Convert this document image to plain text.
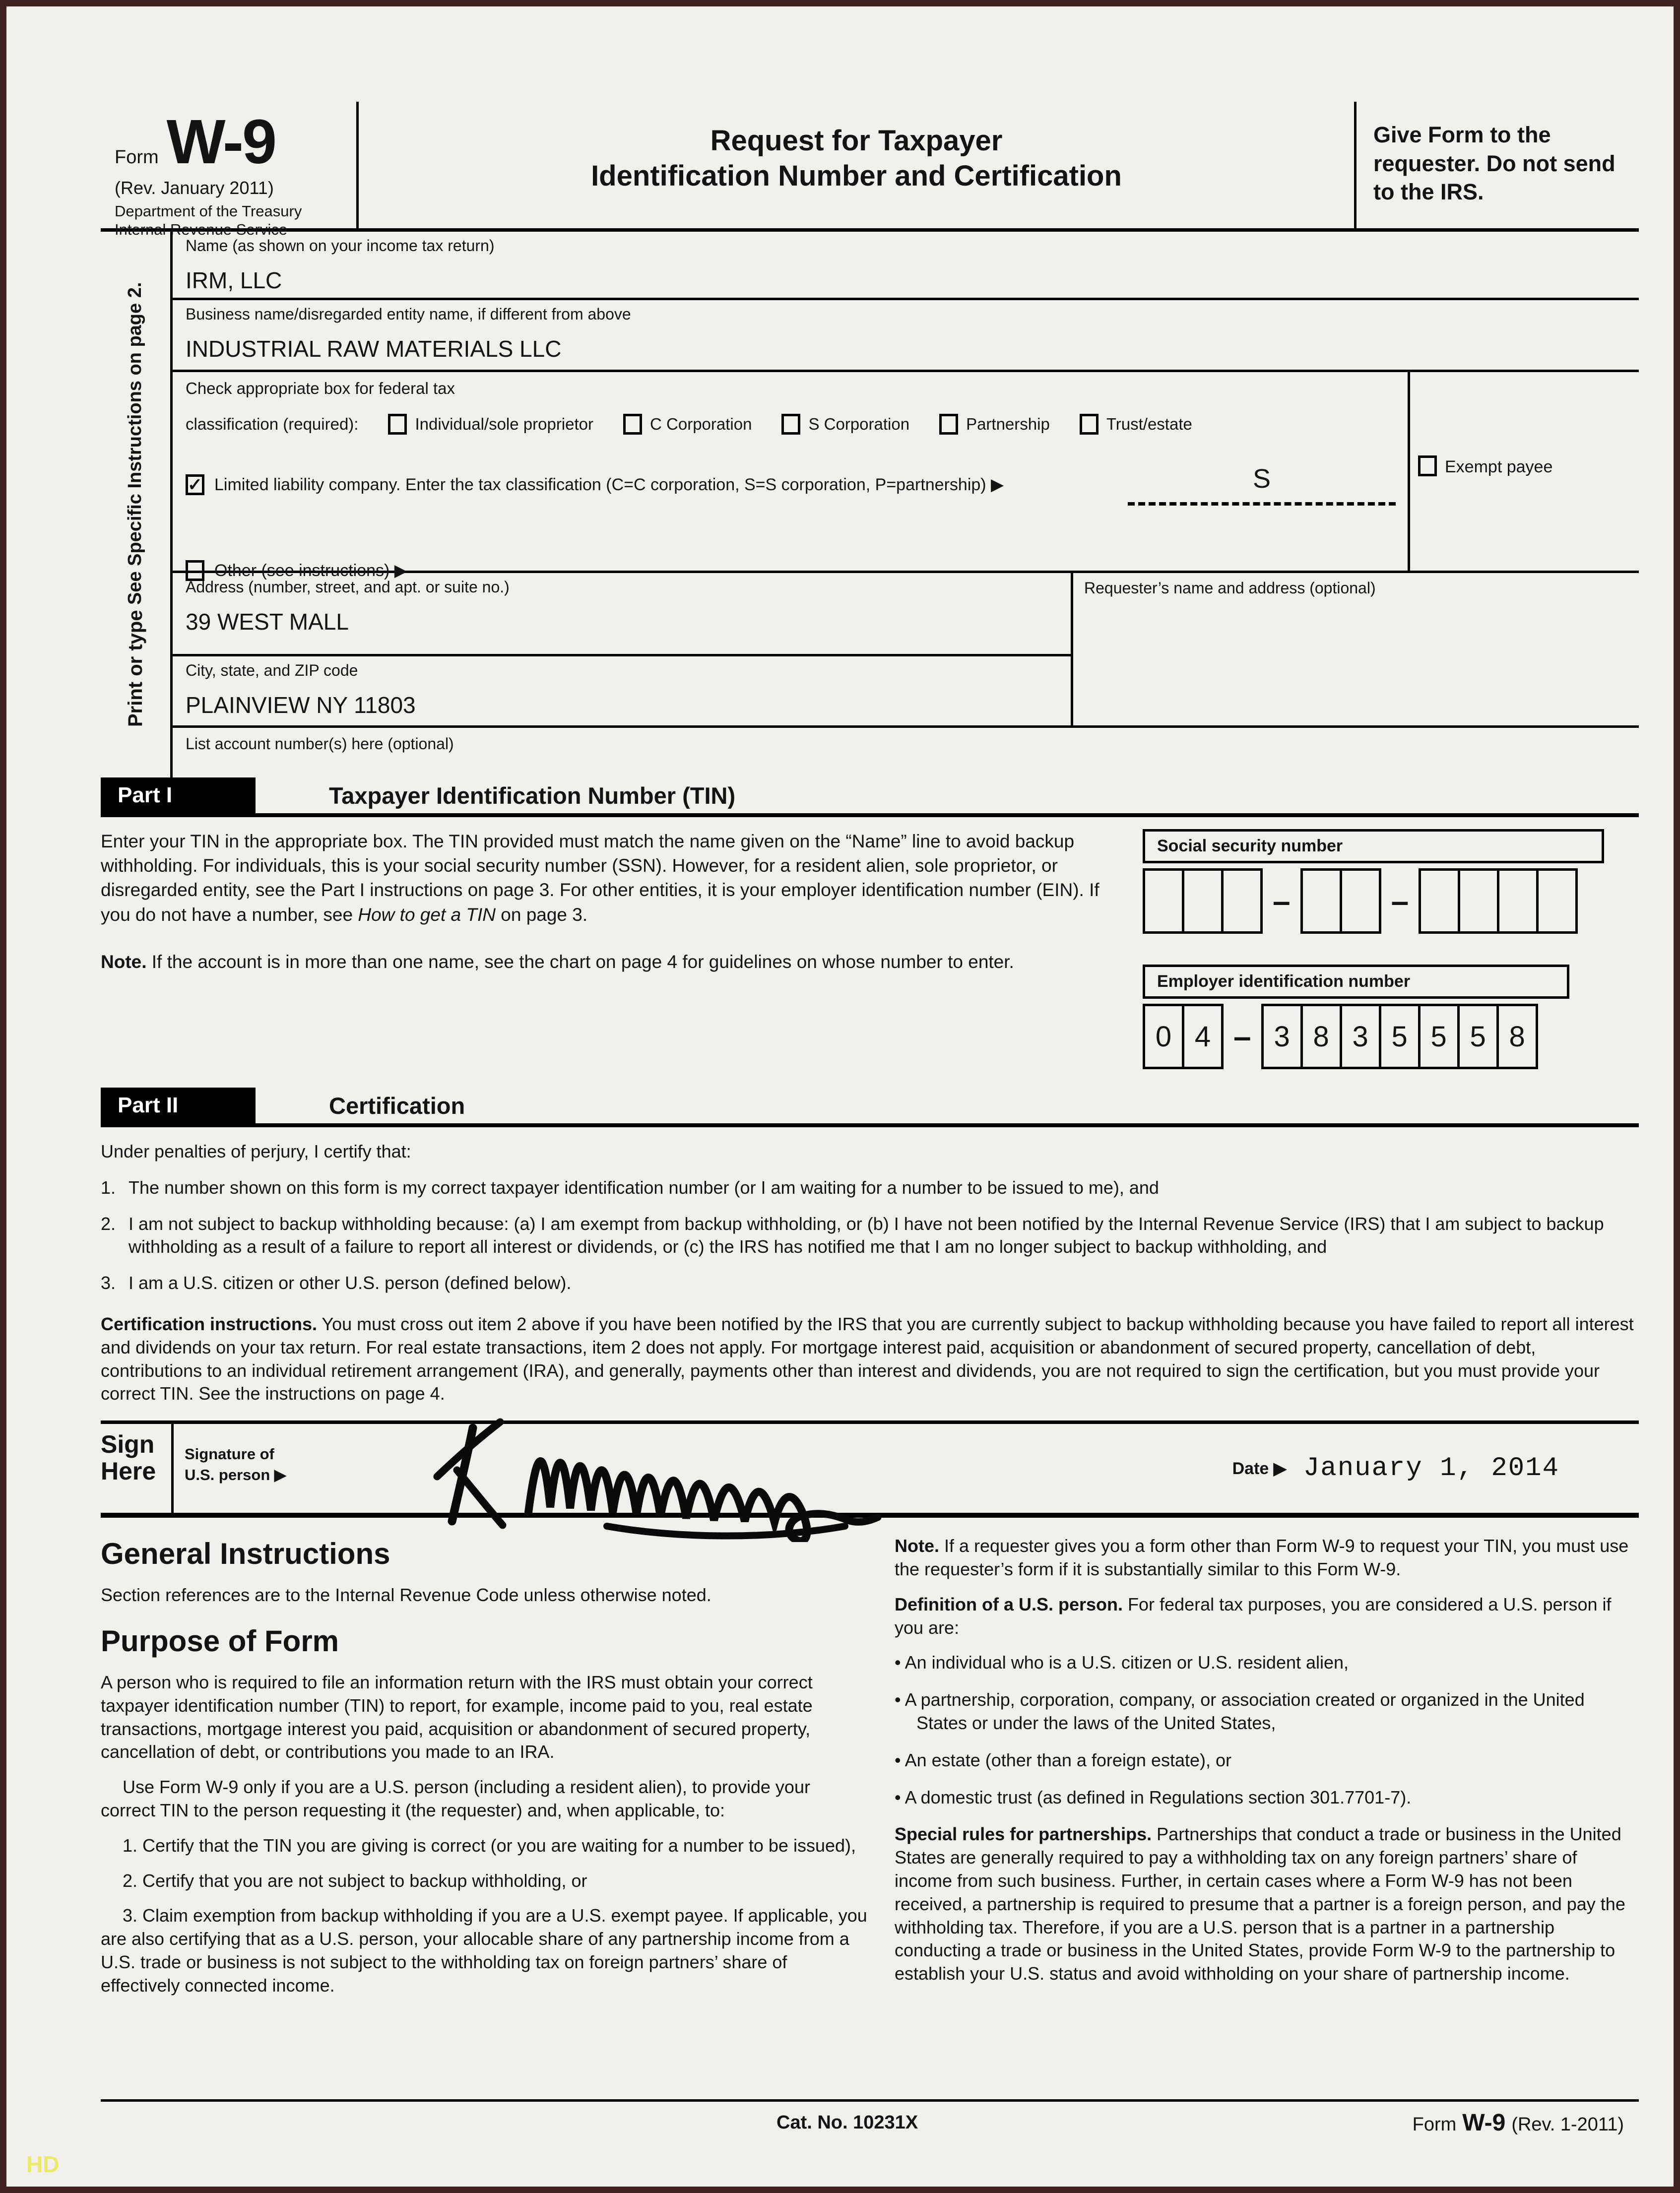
Form W-9
(Rev. January 2011)
Department of the Treasury
Internal Revenue Service
Request for Taxpayer
Identification Number and Certification
Give Form to the requester. Do not send to the IRS.
Print or type
See Specific Instructions on page 2.
Name (as shown on your income tax return)
IRM, LLC
Business name/disregarded entity name, if different from above
INDUSTRIAL RAW MATERIALS LLC
Check appropriate box for federal tax
classification (required):	Individual/sole proprietor	C Corporation	S Corporation	Partnership	Trust/estate
✓ Limited liability company. Enter the tax classification (C=C corporation, S=S corporation, P=partnership) ▶	S
Other (see instructions) ▶
Exempt payee
Address (number, street, and apt. or suite no.)
39 WEST MALL
City, state, and ZIP code
PLAINVIEW NY 11803
Requester’s name and address (optional)
List account number(s) here (optional)
Part I	Taxpayer Identification Number (TIN)
Enter your TIN in the appropriate box. The TIN provided must match the name given on the “Name” line to avoid backup withholding. For individuals, this is your social security number (SSN). However, for a resident alien, sole proprietor, or disregarded entity, see the Part I instructions on page 3. For other entities, it is your employer identification number (EIN). If you do not have a number, see How to get a TIN on page 3.
Note. If the account is in more than one name, see the chart on page 4 for guidelines on whose number to enter.
Social security number
–	–
Employer identification number
0 4 – 3 8 3 5 5 5 8
Part II	Certification
Under penalties of perjury, I certify that:
1. The number shown on this form is my correct taxpayer identification number (or I am waiting for a number to be issued to me), and
2. I am not subject to backup withholding because: (a) I am exempt from backup withholding, or (b) I have not been notified by the Internal Revenue Service (IRS) that I am subject to backup withholding as a result of a failure to report all interest or dividends, or (c) the IRS has notified me that I am no longer subject to backup withholding, and
3. I am a U.S. citizen or other U.S. person (defined below).
Certification instructions. You must cross out item 2 above if you have been notified by the IRS that you are currently subject to backup withholding because you have failed to report all interest and dividends on your tax return. For real estate transactions, item 2 does not apply. For mortgage interest paid, acquisition or abandonment of secured property, cancellation of debt, contributions to an individual retirement arrangement (IRA), and generally, payments other than interest and dividends, you are not required to sign the certification, but you must provide your correct TIN. See the instructions on page 4.
Sign
Here
Signature of
U.S. person ▶	Date ▶ January 1, 2014
General Instructions

Section references are to the Internal Revenue Code unless otherwise noted.

Purpose of Form

A person who is required to file an information return with the IRS must obtain your correct taxpayer identification number (TIN) to report, for example, income paid to you, real estate transactions, mortgage interest you paid, acquisition or abandonment of secured property, cancellation of debt, or contributions you made to an IRA.

Use Form W-9 only if you are a U.S. person (including a resident alien), to provide your correct TIN to the person requesting it (the requester) and, when applicable, to:

1. Certify that the TIN you are giving is correct (or you are waiting for a number to be issued),

2. Certify that you are not subject to backup withholding, or

3. Claim exemption from backup withholding if you are a U.S. exempt payee. If applicable, you are also certifying that as a U.S. person, your allocable share of any partnership income from a U.S. trade or business is not subject to the withholding tax on foreign partners’ share of effectively connected income.

Note. If a requester gives you a form other than Form W-9 to request your TIN, you must use the requester’s form if it is substantially similar to this Form W-9.

Definition of a U.S. person. For federal tax purposes, you are considered a U.S. person if you are:

• An individual who is a U.S. citizen or U.S. resident alien,
• A partnership, corporation, company, or association created or organized in the United States or under the laws of the United States,
• An estate (other than a foreign estate), or
• A domestic trust (as defined in Regulations section 301.7701-7).

Special rules for partnerships. Partnerships that conduct a trade or business in the United States are generally required to pay a withholding tax on any foreign partners’ share of income from such business. Further, in certain cases where a Form W-9 has not been received, a partnership is required to presume that a partner is a foreign person, and pay the withholding tax. Therefore, if you are a U.S. person that is a partner in a partnership conducting a trade or business in the United States, provide Form W-9 to the partnership to establish your U.S. status and avoid withholding on your share of partnership income.

Cat. No. 10231X	Form W-9 (Rev. 1-2011)
HD
